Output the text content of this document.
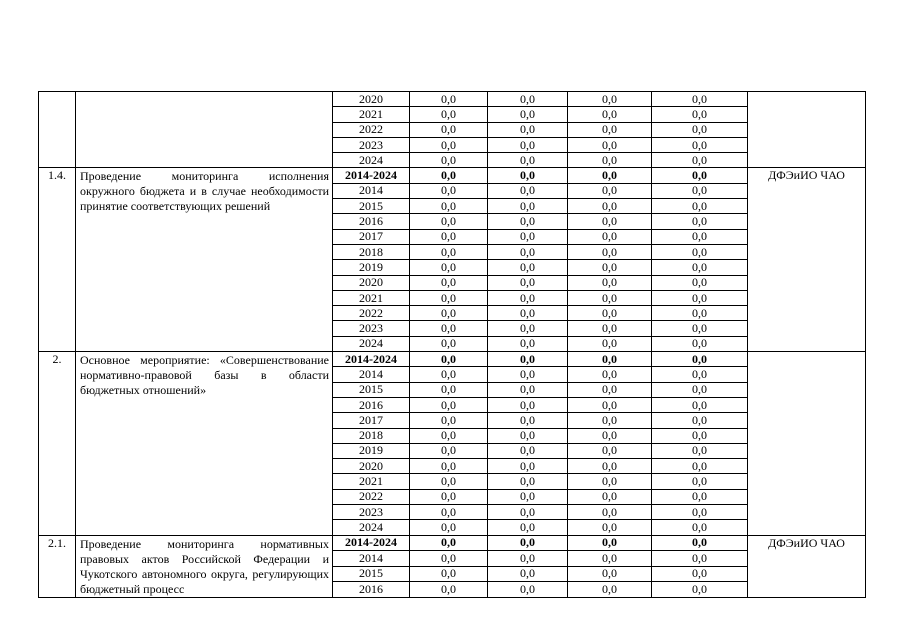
		2020	0,0	0,0	0,0	0,0	
		2021	0,0	0,0	0,0	0,0	
		2022	0,0	0,0	0,0	0,0	
		2023	0,0	0,0	0,0	0,0	
		2024	0,0	0,0	0,0	0,0	
1.4.	Проведение мониторинга исполнения окружного бюджета и в случае необходимости принятие соответствующих решений	2014-2024	0,0	0,0	0,0	0,0	ДФЭиИО ЧАО
		2014	0,0	0,0	0,0	0,0	
		2015	0,0	0,0	0,0	0,0	
		2016	0,0	0,0	0,0	0,0	
		2017	0,0	0,0	0,0	0,0	
		2018	0,0	0,0	0,0	0,0	
		2019	0,0	0,0	0,0	0,0	
		2020	0,0	0,0	0,0	0,0	
		2021	0,0	0,0	0,0	0,0	
		2022	0,0	0,0	0,0	0,0	
		2023	0,0	0,0	0,0	0,0	
		2024	0,0	0,0	0,0	0,0	
2.	Основное мероприятие: «Совершенствование нормативно-правовой базы в области бюджетных отношений»	2014-2024	0,0	0,0	0,0	0,0	
		2014	0,0	0,0	0,0	0,0	
		2015	0,0	0,0	0,0	0,0	
		2016	0,0	0,0	0,0	0,0	
		2017	0,0	0,0	0,0	0,0	
		2018	0,0	0,0	0,0	0,0	
		2019	0,0	0,0	0,0	0,0	
		2020	0,0	0,0	0,0	0,0	
		2021	0,0	0,0	0,0	0,0	
		2022	0,0	0,0	0,0	0,0	
		2023	0,0	0,0	0,0	0,0	
		2024	0,0	0,0	0,0	0,0	
2.1.	Проведение мониторинга нормативных правовых актов Российской Федерации и Чукотского автономного округа, регулирующих бюджетный процесс	2014-2024	0,0	0,0	0,0	0,0	ДФЭиИО ЧАО
		2014	0,0	0,0	0,0	0,0	
		2015	0,0	0,0	0,0	0,0	
		2016	0,0	0,0	0,0	0,0	
